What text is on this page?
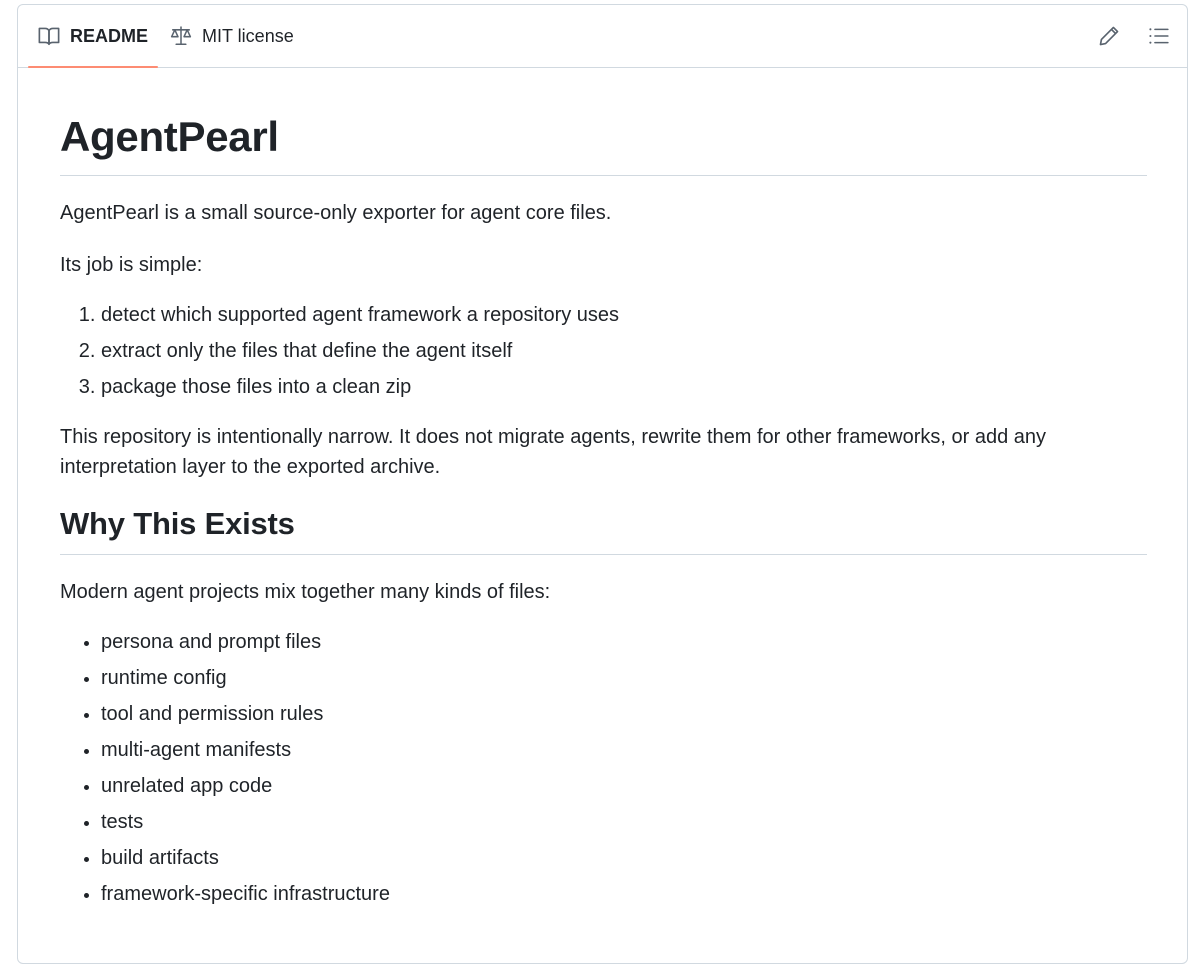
README	MIT license
AgentPearl

AgentPearl is a small source-only exporter for agent core files.

Its job is simple:

1. detect which supported agent framework a repository uses
2. extract only the files that define the agent itself
3. package those files into a clean zip

This repository is intentionally narrow. It does not migrate agents, rewrite them for other frameworks, or add any interpretation layer to the exported archive.

Why This Exists

Modern agent projects mix together many kinds of files:

• persona and prompt files
• runtime config
• tool and permission rules
• multi-agent manifests
• unrelated app code
• tests
• build artifacts
• framework-specific infrastructure
